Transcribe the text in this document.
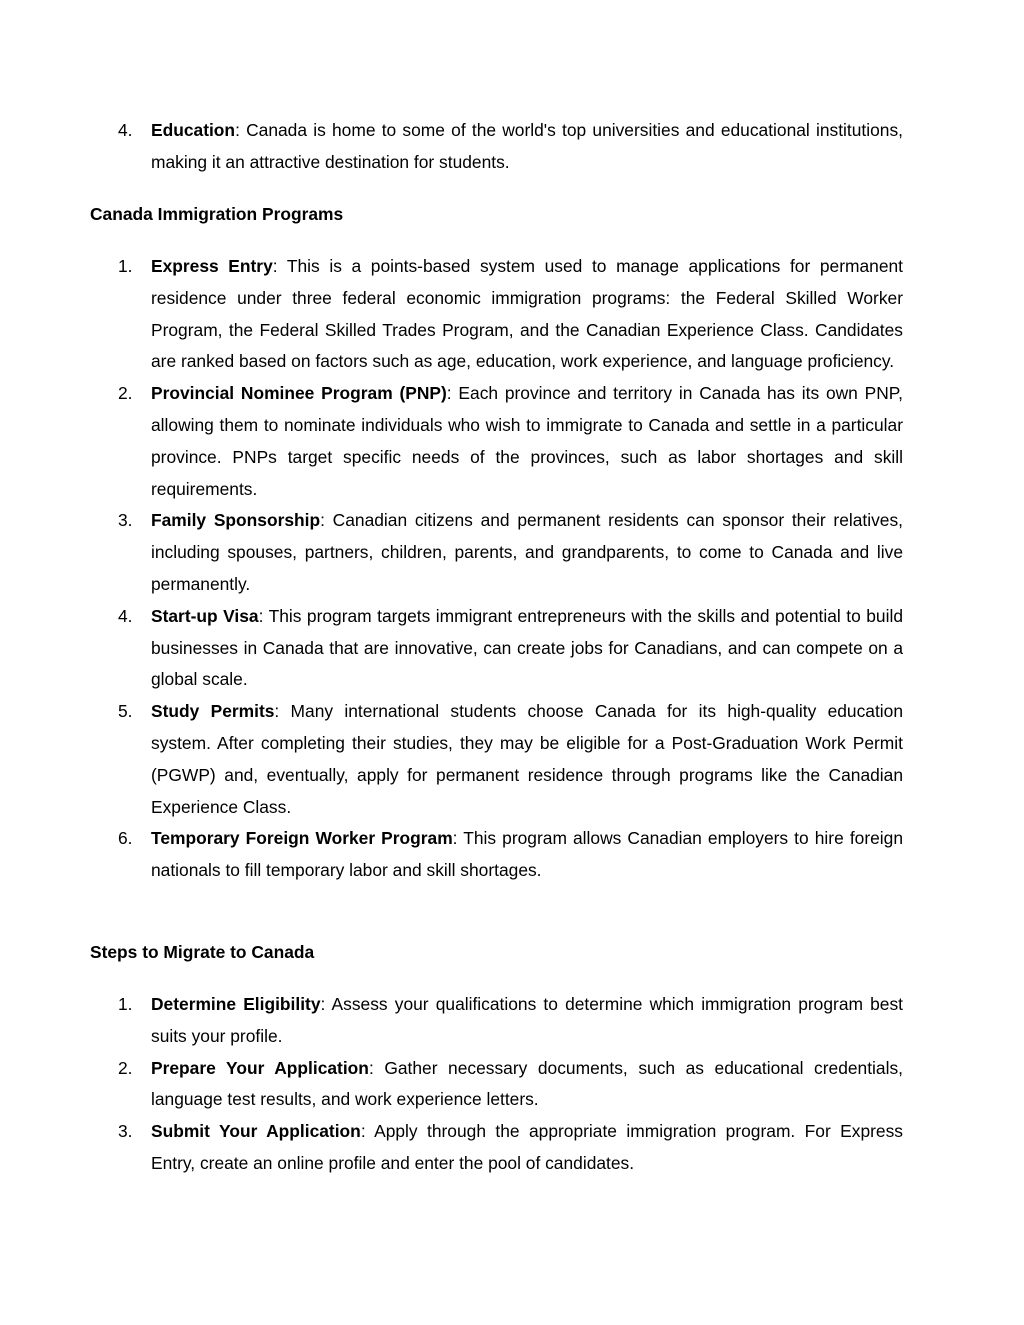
4. Education: Canada is home to some of the world's top universities and educational institutions, making it an attractive destination for students.
Canada Immigration Programs
1. Express Entry: This is a points-based system used to manage applications for permanent residence under three federal economic immigration programs: the Federal Skilled Worker Program, the Federal Skilled Trades Program, and the Canadian Experience Class. Candidates are ranked based on factors such as age, education, work experience, and language proficiency.
2. Provincial Nominee Program (PNP): Each province and territory in Canada has its own PNP, allowing them to nominate individuals who wish to immigrate to Canada and settle in a particular province. PNPs target specific needs of the provinces, such as labor shortages and skill requirements.
3. Family Sponsorship: Canadian citizens and permanent residents can sponsor their relatives, including spouses, partners, children, parents, and grandparents, to come to Canada and live permanently.
4. Start-up Visa: This program targets immigrant entrepreneurs with the skills and potential to build businesses in Canada that are innovative, can create jobs for Canadians, and can compete on a global scale.
5. Study Permits: Many international students choose Canada for its high-quality education system. After completing their studies, they may be eligible for a Post-Graduation Work Permit (PGWP) and, eventually, apply for permanent residence through programs like the Canadian Experience Class.
6. Temporary Foreign Worker Program: This program allows Canadian employers to hire foreign nationals to fill temporary labor and skill shortages.
Steps to Migrate to Canada
1. Determine Eligibility: Assess your qualifications to determine which immigration program best suits your profile.
2. Prepare Your Application: Gather necessary documents, such as educational credentials, language test results, and work experience letters.
3. Submit Your Application: Apply through the appropriate immigration program. For Express Entry, create an online profile and enter the pool of candidates.
